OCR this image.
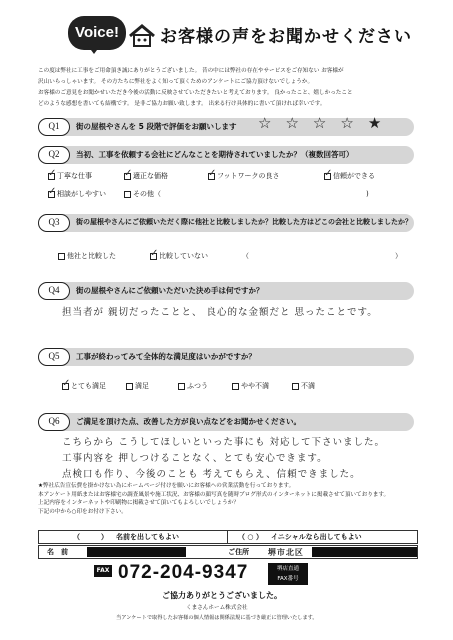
Voice!	お客様の声をお聞かせください
この度は弊社に工事をご用命頂き誠にありがとうございました。 昔の中には弊社の存在やサービスをご存知ない お客様が
沢山いらっしゃいます。 その方たちに弊社をよく知って頂くためのアンケートにご協力頂けないでしょうか。
お客様のご意見をお聞かせいただき今後の活動に反映させていただきたいと考えております。 良かったこと、嬉しかったこと
どのような感想を書いても結構です。 是非ご協力お願い致します。 出来る行け具体的に書いて頂ければ幸いです。
Q1	街の屋根やさんを 5 段階で評価をお願いします ☆ ☆ ☆ ☆ ★
Q2	当初、工事を依頼する会社にどんなことを期待されていましたか？（複数回答可）
✓
丁寧な仕事 ✓	適正な価格 ✓	フットワークの良さ ✓	信頼ができる
✓
相談がしやすい	その他（	)
Q3	街の屋根やさんにご依頼いただく際に他社と比較しましたか？比較した方はどこの会社と比較しましたか？
他社と比較した ✓	比較していない	（	）
Q4	街の屋根やさんにご依頼いただいた決め手は何ですか？
担当者が 親切だったことと、 良心的な金額だと 思ったことです。
Q5	工事が終わってみて全体的な満足度はいかがですか？
✓
とても満足	満足	ふつう	やや不満	不満
Q6	ご満足を頂けた点、改善した方が良い点などをお聞かせください。
こちらから こうしてほしいといった事にも 対応して下さいました。
工事内容を 押しつけることなく、とても安心できます。
点検口も作り、今後のことも 考えてもらえ、信頼できました。
★弊社広告宣伝費を掛かけない為にホームページ付けを願いにお客様への営業活動を行っております。
本アンケート用紙またはお客様宅の調査風景や施工状況、お客様の顔写真を随時ブログ形式のインターネットに掲載させて頂いております。
上記内容をインターネットや印刷物に掲載させて頂いてもよろしいでしょうか？
下記の中から○印をお付け下さい。
（　　　） 名前を出してもよい	（ ○ ） イニシャルなら出してもよい
名　前	ご住所	堺市北区
FAX 072-204-9347	堺店直通
FAX番号
ご協力ありがとうございました。
くまさんホーム株式会社
当アンケートで取得したお客様の個人情報は関係法規に基づき厳正に管理いたします。
